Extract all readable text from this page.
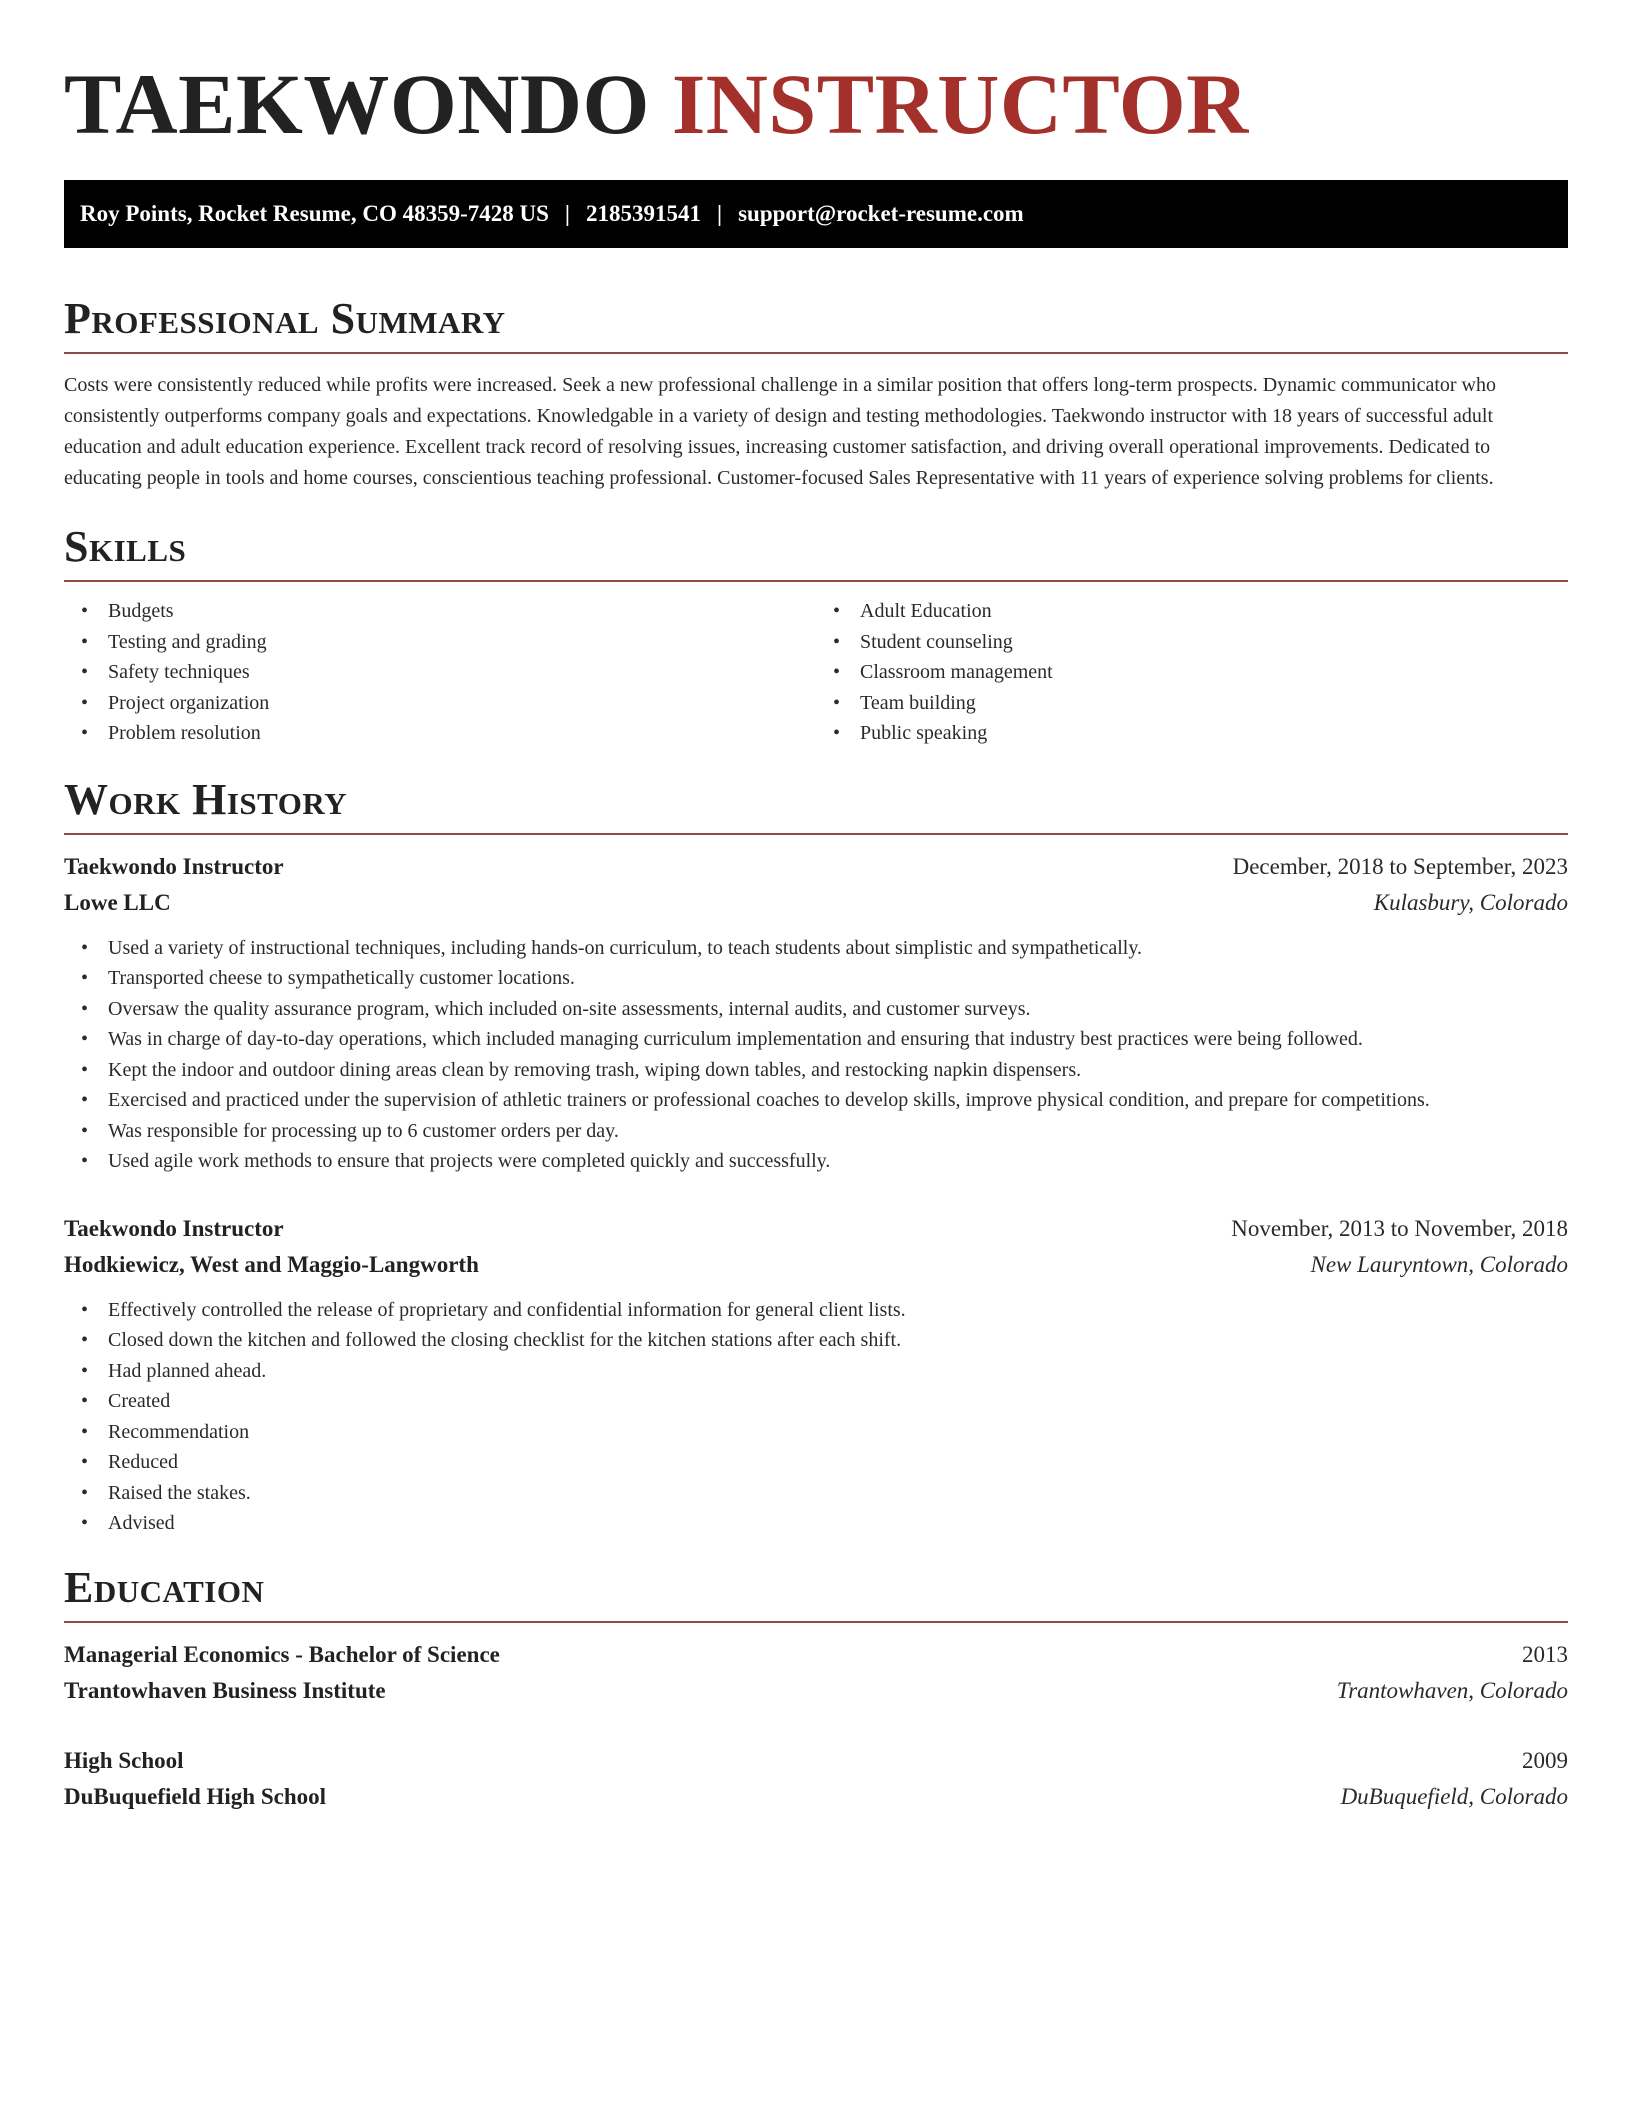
TAEKWONDO INSTRUCTOR
Roy Points, Rocket Resume, CO 48359-7428 US | 2185391541 | support@rocket-resume.com
Professional Summary

Costs were consistently reduced while profits were increased. Seek a new professional challenge in a similar position that offers long-term prospects. Dynamic communicator who consistently outperforms company goals and expectations. Knowledgable in a variety of design and testing methodologies. Taekwondo instructor with 18 years of successful adult education and adult education experience. Excellent track record of resolving issues, increasing customer satisfaction, and driving overall operational improvements. Dedicated to educating people in tools and home courses, conscientious teaching professional. Customer-focused Sales Representative with 11 years of experience solving problems for clients.

Skills
• Budgets
• Testing and grading
• Safety techniques
• Project organization
• Problem resolution
• Adult Education
• Student counseling
• Classroom management
• Team building
• Public speaking
Work History
Taekwondo Instructor	December, 2018 to September, 2023
Lowe LLC	Kulasbury, Colorado
• Used a variety of instructional techniques, including hands-on curriculum, to teach students about simplistic and sympathetically.
• Transported cheese to sympathetically customer locations.
• Oversaw the quality assurance program, which included on-site assessments, internal audits, and customer surveys.
• Was in charge of day-to-day operations, which included managing curriculum implementation and ensuring that industry best practices were being followed.
• Kept the indoor and outdoor dining areas clean by removing trash, wiping down tables, and restocking napkin dispensers.
• Exercised and practiced under the supervision of athletic trainers or professional coaches to develop skills, improve physical condition, and prepare for competitions.
• Was responsible for processing up to 6 customer orders per day.
• Used agile work methods to ensure that projects were completed quickly and successfully.
Taekwondo Instructor	November, 2013 to November, 2018
Hodkiewicz, West and Maggio-Langworth	New Lauryntown, Colorado
• Effectively controlled the release of proprietary and confidential information for general client lists.
• Closed down the kitchen and followed the closing checklist for the kitchen stations after each shift.
• Had planned ahead.
• Created
• Recommendation
• Reduced
• Raised the stakes.
• Advised
Education
Managerial Economics - Bachelor of Science	2013
Trantowhaven Business Institute	Trantowhaven, Colorado
High School	2009
DuBuquefield High School	DuBuquefield, Colorado
